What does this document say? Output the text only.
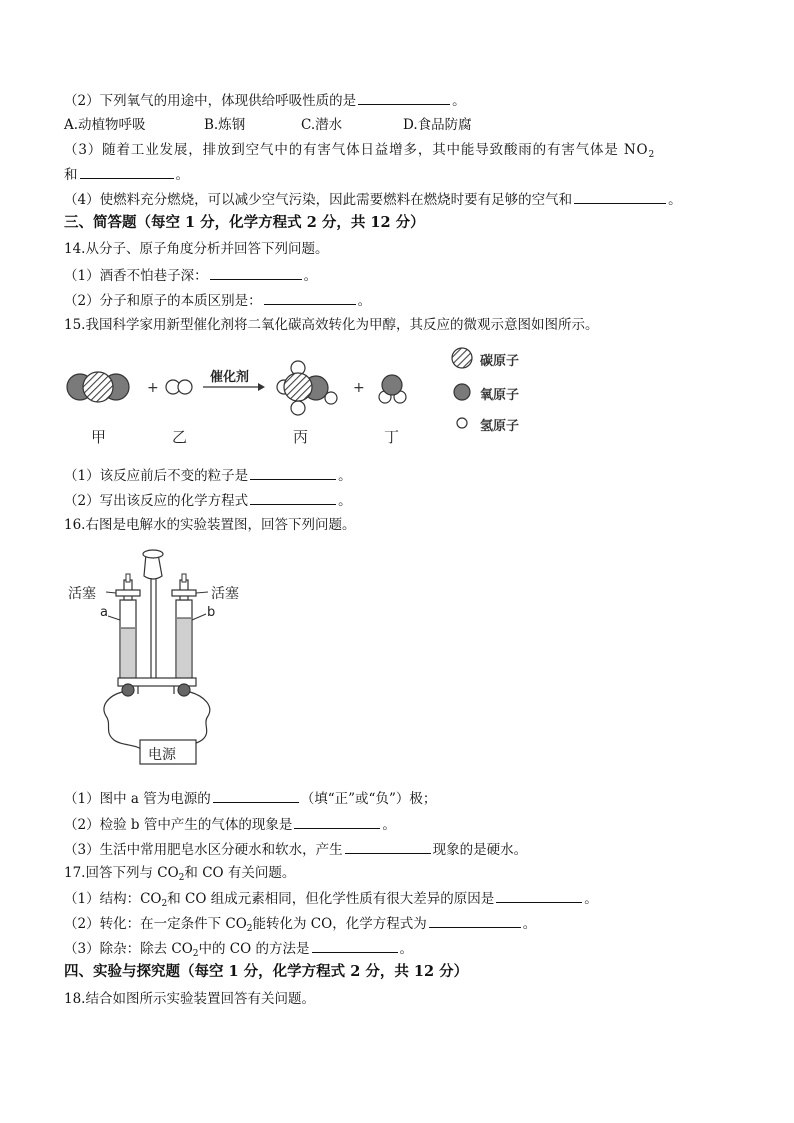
（2）下列氧气的用途中，体现供给呼吸性质的是	。
A.动植物呼吸	B.炼钢	C.潜水	D.食品防腐
（3）随着工业发展，排放到空气中的有害气体日益增多，其中能导致酸雨的有害气体是 $NO_2$
和	。
（4）使燃料充分燃烧，可以减少空气污染，因此需要燃料在燃烧时要有足够的空气和	。
三、简答题（每空 1 分，化学方程式 2 分，共 12 分）
14.从分子、原子角度分析并回答下列问题。
（1）酒香不怕巷子深：	。
（2）分子和原子的本质区别是：	。
15.我国科学家用新型催化剂将二氧化碳高效转化为甲醇，其反应的微观示意图如图所示。
+	+
催化剂
甲	乙	丙	丁
碳原子
氧原子
氢原子
（1）该反应前后不变的粒子是	。
（2）写出该反应的化学方程式	。
16.右图是电解水的实验装置图，回答下列问题。
活塞	活塞
a	b
电源
（1）图中 a 管为电源的	（填“正”或“负”）极；
（2）检验 b 管中产生的气体的现象是	。
（3）生活中常用肥皂水区分硬水和软水，产生	现象的是硬水。
17.回答下列与 $CO_2$和 CO 有关问题。
（1）结构：$CO_2$和 CO 组成元素相同，但化学性质有很大差异的原因是	。
（2）转化：在一定条件下 $CO_2$能转化为 CO，化学方程式为	。
（3）除杂：除去 $CO_2$中的 CO 的方法是	。
四、实验与探究题（每空 1 分，化学方程式 2 分，共 12 分）
18.结合如图所示实验装置回答有关问题。
